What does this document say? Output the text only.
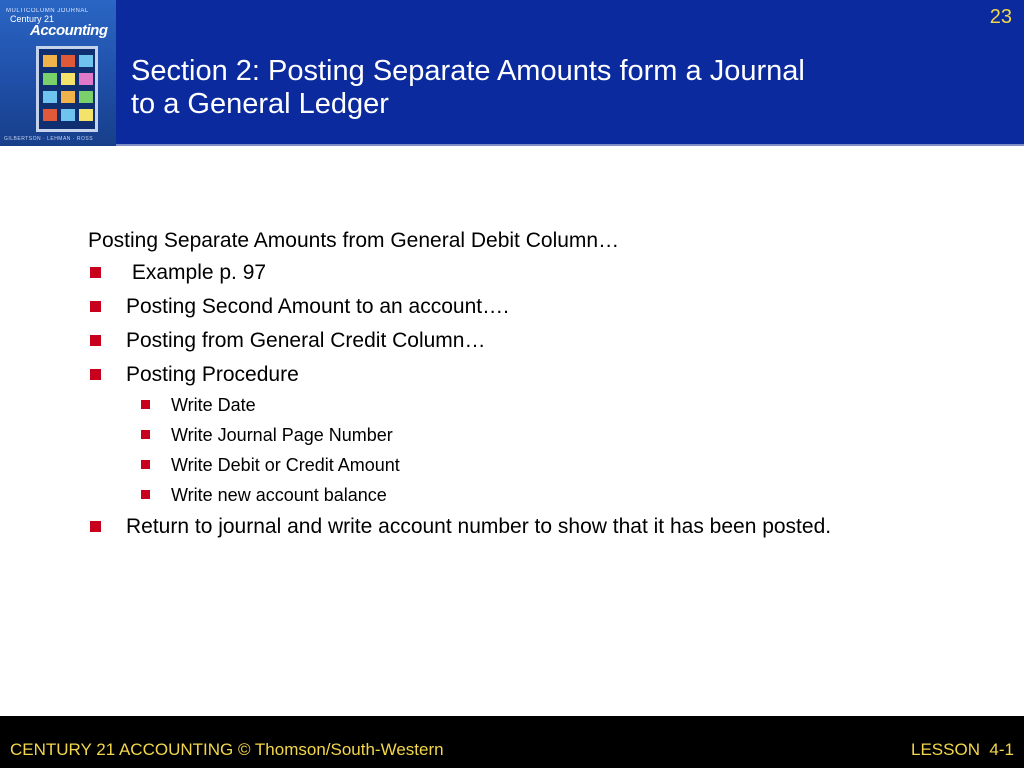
MULTICOLUMN JOURNAL
Century 21
Accounting
GILBERTSON · LEHMAN · ROSS
23
Section 2: Posting Separate Amounts form a Journal
to a General Ledger

Posting Separate Amounts from General Debit Column…

Example p. 97
Posting Second Amount to an account….
Posting from General Credit Column…
Posting Procedure
Write Date
Write Journal Page Number
Write Debit or Credit Amount
Write new account balance
Return to journal and write account number to show that it has been posted.
CENTURY 21 ACCOUNTING © Thomson/South-Western	LESSON  4-1
